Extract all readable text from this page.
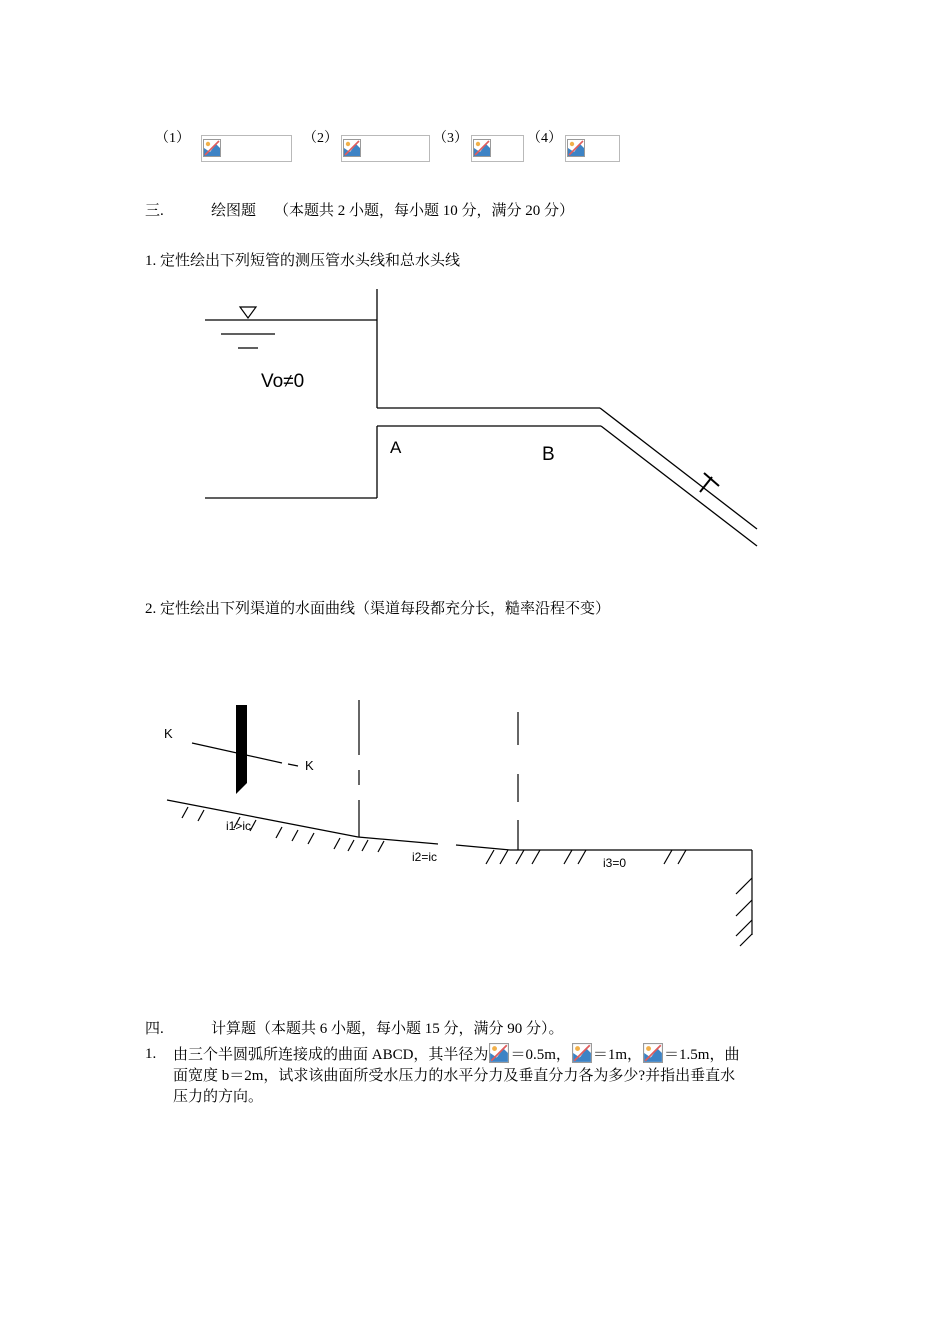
（1）	（2）	（3）	（4）
三.	绘图题 （本题共 2 小题，每小题 10 分，满分 20 分）
1. 定性绘出下列短管的测压管水头线和总水头线
Vo≠0
A	B
2. 定性绘出下列渠道的水面曲线（渠道每段都充分长，糙率沿程不变）
K
K
i1>ic
i2=ic	i3=0
四.	计算题（本题共 6 小题，每小题 15 分，满分 90 分）。
1. 由三个半圆弧所连接成的曲面 ABCD，其半径为 ＝0.5m， ＝1m， ＝1.5m，曲
面宽度 b＝2m，试求该曲面所受水压力的水平分力及垂直分力各为多少?并指出垂直水
压力的方向。
